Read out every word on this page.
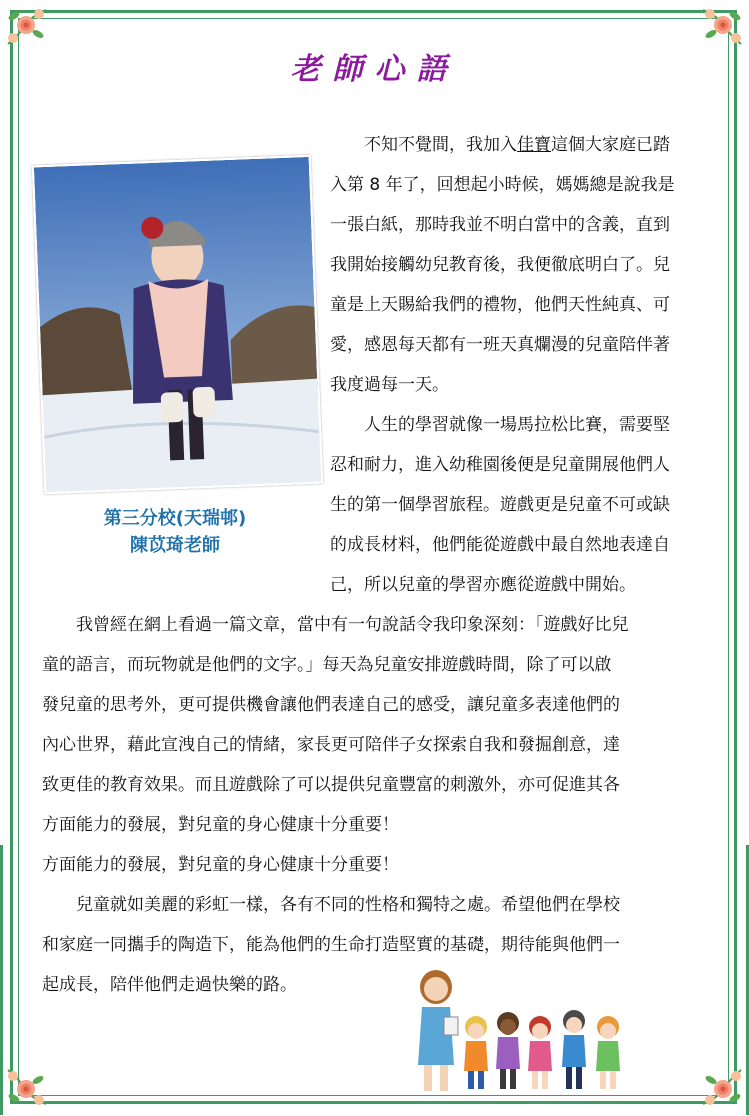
老師心語
第三分校(天瑞邨)
陳苡琦老師
　　不知不覺間，我加入佳寶這個大家庭已踏
入第 8 年了，回想起小時候，媽媽總是說我是
一張白紙，那時我並不明白當中的含義，直到
我開始接觸幼兒教育後，我便徹底明白了。兒
童是上天賜給我們的禮物，他們天性純真、可
愛，感恩每天都有一班天真爛漫的兒童陪伴著
我度過每一天。
　　人生的學習就像一場馬拉松比賽，需要堅
忍和耐力，進入幼稚園後便是兒童開展他們人
生的第一個學習旅程。遊戲更是兒童不可或缺
的成長材料，他們能從遊戲中最自然地表達自
己，所以兒童的學習亦應從遊戲中開始。
　　我曾經在網上看過一篇文章，當中有一句說話令我印象深刻：「遊戲好比兒
童的語言，而玩物就是他們的文字。」每天為兒童安排遊戲時間，除了可以啟
發兒童的思考外，更可提供機會讓他們表達自己的感受，讓兒童多表達他們的
內心世界，藉此宣洩自己的情緒，家長更可陪伴子女探索自我和發掘創意，達
致更佳的教育效果。而且遊戲除了可以提供兒童豐富的刺激外，亦可促進其各
方面能力的發展，對兒童的身心健康十分重要！
方面能力的發展，對兒童的身心健康十分重要！
　　兒童就如美麗的彩虹一樣，各有不同的性格和獨特之處。希望他們在學校
和家庭一同攜手的陶造下，能為他們的生命打造堅實的基礎，期待能與他們一
起成長，陪伴他們走過快樂的路。
